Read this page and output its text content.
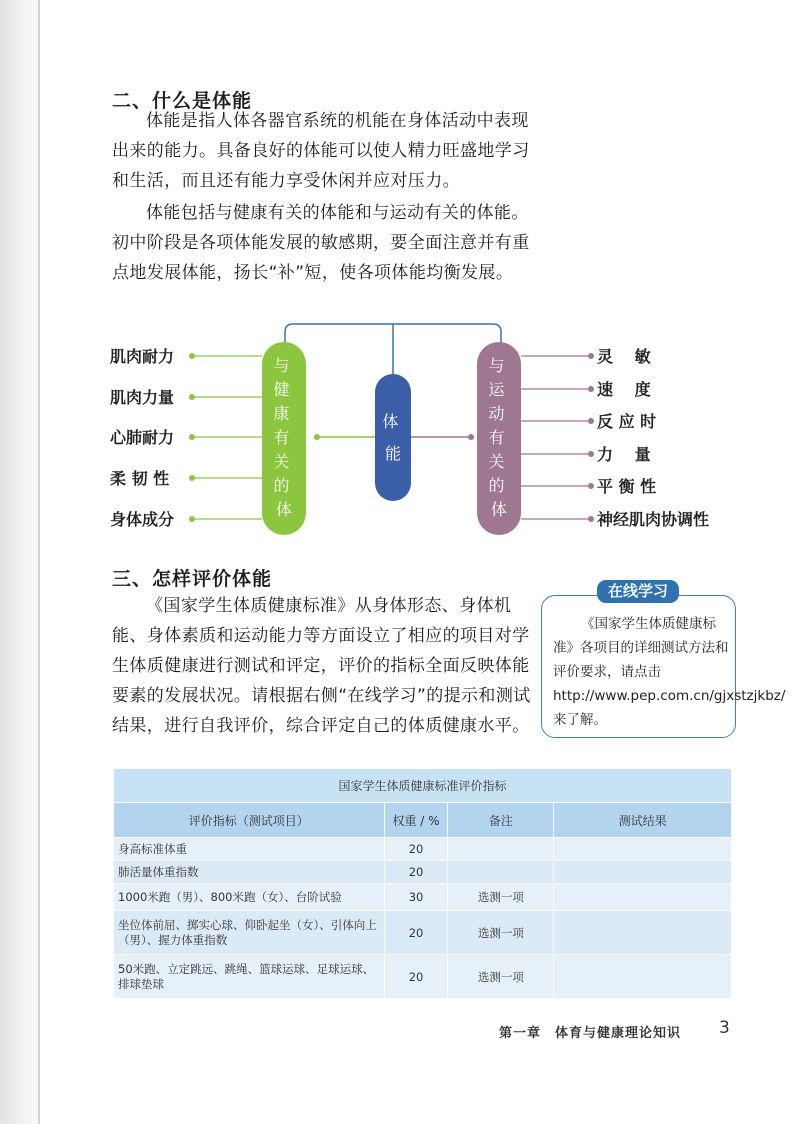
二、什么是体能

体能是指人体各器官系统的机能在身体活动中表现出来的能力。具备良好的体能可以使人精力旺盛地学习和生活，而且还有能力享受休闲并应对压力。

体能包括与健康有关的体能和与运动有关的体能。初中阶段是各项体能发展的敏感期，要全面注意并有重点地发展体能，扬长“补”短，使各项体能均衡发展。

与 健 康 有 关 的 体
体 能
与 运 动 有 关 的 体
肌肉耐力
肌肉力量
心肺耐力
柔 韧 性
身体成分
灵　 敏
速　 度
反 应 时
力　 量
平 衡 性
神经肌肉协调性
三、怎样评价体能

《国家学生体质健康标准》从身体形态、身体机能、身体素质和运动能力等方面设立了相应的项目对学生体质健康进行测试和评定，评价的指标全面反映体能要素的发展状况。请根据右侧“在线学习”的提示和测试结果，进行自我评价，综合评定自己的体质健康水平。

在线学习

《国家学生体质健康标准》各项目的详细测试方法和评价要求，请点击 http://www.pep.com.cn/gjxstzjkbz/ 来了解。

国家学生体质健康标准评价指标			
评价指标（测试项目）	权重 / %	备注	测试结果
身高标准体重	20		
肺活量体重指数	20		
1000米跑（男）、800米跑（女）、台阶试验	30	选测一项	
坐位体前屈、掷实心球、仰卧起坐（女）、引体向上（男）、握力体重指数	20	选测一项	
50米跑、立定跳远、跳绳、篮球运球、足球运球、排球垫球	20	选测一项	
第一章　体育与健康理论知识 3
